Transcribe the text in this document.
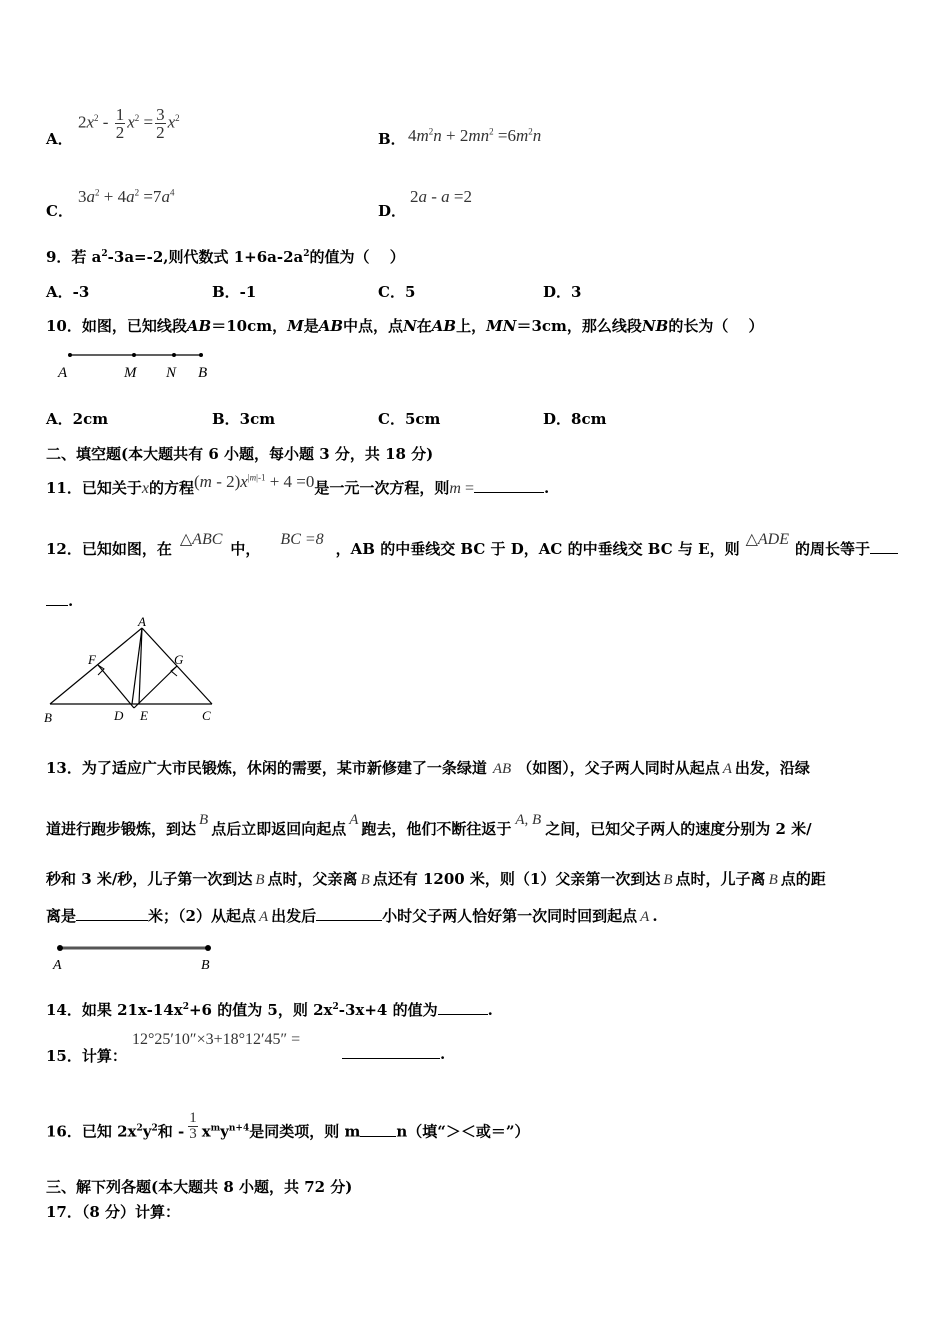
A．
$2x^2 - \frac{1}{2} x^2 = \frac{3}{2} x^2$
B． $4m^2n + 2mn^2 =6m^2n$
C．
$3a^2 + 4a^2 =7a^4$
D．
2a - a =2
9．若 $a^2-3a=-2$,则代数式 $1+6a-2a^2$的值为（　 ）
A．-3	B．-1	C．5	D．3
10．如图，已知线段AB＝10cm，M是AB中点，点N在AB上，MN＝3cm，那么线段NB的长为（　 ）
A	M N B
A．2cm	B．3cm	C．5cm	D．8cm
二、填空题(本大题共有 6 小题，每小题 3 分，共 18 分)
11．已知关于x的方程$(m - 2)x^{|m|-1} + 4 =0$是一元一次方程，则m =	.
12．已知如图，在△ABC中，BC =8，AB 的中垂线交 BC 于 D，AC 的中垂线交 BC 与 E，则△ADE的周长等于
.
A
F	G
B	D E	C
13．为了适应广大市民锻炼，休闲的需要，某市新修建了一条绿道 AB （如图），父子两人同时从起点 A 出发，沿绿
道进行跑步锻炼，到达 B 点后立即返回向起点 A 跑去，他们不断往返于 A, B 之间，已知父子两人的速度分别为 2 米/
秒和 3 米/秒，儿子第一次到达 B 点时，父亲离 B 点还有 1200 米，则（1）父亲第一次到达 B 点时，儿子离 B 点的距
离是	米；（2）从起点 A 出发后	小时父子两人恰好第一次同时回到起点 A .
A	B
14．如果 $21x-14x^2+6$ 的值为 5，则 $2x^2-3x+4$ 的值为	.
15．计算：
12°25′10″×3+18°12′45″ =
.
16．已知 $2x^2y^2$和 - $\frac{1}{3} x^my^{n+4}$是同类项，则 m n（填“＞＜或＝”）
三、解下列各题(本大题共 8 小题，共 72 分)
17．（8 分）计算：
